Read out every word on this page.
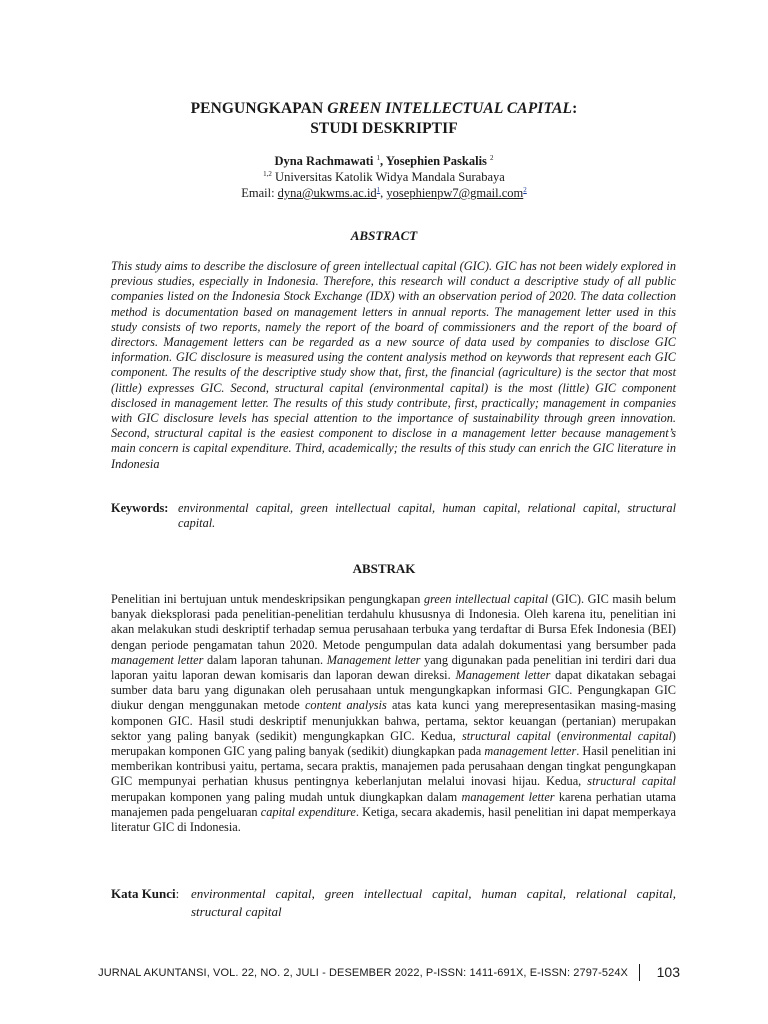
PENGUNGKAPAN GREEN INTELLECTUAL CAPITAL:
STUDI DESKRIPTIF
Dyna Rachmawati $^1$, Yosephien Paskalis $^2$
$^{1,2}$ Universitas Katolik Widya Mandala Surabaya
Email: $dyna@ukwms.ac.id^1$, yosephienpw7@gmail.com$^2$
ABSTRACT
This study aims to describe the disclosure of green intellectual capital (GIC). GIC has not been widely explored in previous studies, especially in Indonesia. Therefore, this research will conduct a descriptive study of all public companies listed on the Indonesia Stock Exchange (IDX) with an observation period of 2020. The data collection method is documentation based on management letters in annual reports. The management letter used in this study consists of two reports, namely the report of the board of commissioners and the report of the board of directors. Management letters can be regarded as a new source of data used by companies to disclose GIC information. GIC disclosure is measured using the content analysis method on keywords that represent each GIC component. The results of the descriptive study show that, first, the financial (agriculture) is the sector that most (little) expresses GIC. Second, structural capital (environmental capital) is the most (little) GIC component disclosed in management letter. The results of this study contribute, first, practically; management in companies with GIC disclosure levels has special attention to the importance of sustainability through green innovation. Second, structural capital is the easiest component to disclose in a management letter because management’s main concern is capital expenditure. Third, academically; the results of this study can enrich the GIC literature in Indonesia
Keywords: environmental capital, green intellectual capital, human capital, relational capital, structural capital.
ABSTRAK
Penelitian ini bertujuan untuk mendeskripsikan pengungkapan green intellectual capital (GIC). GIC masih belum banyak dieksplorasi pada penelitian-penelitian terdahulu khususnya di Indonesia. Oleh karena itu, penelitian ini akan melakukan studi deskriptif terhadap semua perusahaan terbuka yang terdaftar di Bursa Efek Indonesia (BEI) dengan periode pengamatan tahun 2020. Metode pengumpulan data adalah dokumentasi yang bersumber pada management letter dalam laporan tahunan. Management letter yang digunakan pada penelitian ini terdiri dari dua laporan yaitu laporan dewan komisaris dan laporan dewan direksi. Management letter dapat dikatakan sebagai sumber data baru yang digunakan oleh perusahaan untuk mengungkapkan informasi GIC. Pengungkapan GIC diukur dengan menggunakan metode content analysis atas kata kunci yang merepresentasikan masing-masing komponen GIC. Hasil studi deskriptif menunjukkan bahwa, pertama, sektor keuangan (pertanian) merupakan sektor yang paling banyak (sedikit) mengungkapkan GIC. Kedua, structural capital (environmental capital) merupakan komponen GIC yang paling banyak (sedikit) diungkapkan pada management letter. Hasil penelitian ini memberikan kontribusi yaitu, pertama, secara praktis, manajemen pada perusahaan dengan tingkat pengungkapan GIC mempunyai perhatian khusus pentingnya keberlanjutan melalui inovasi hijau. Kedua, structural capital merupakan komponen yang paling mudah untuk diungkapkan dalam management letter karena perhatian utama manajemen pada pengeluaran capital expenditure. Ketiga, secara akademis, hasil penelitian ini dapat memperkaya literatur GIC di Indonesia.
Kata Kunci: environmental capital, green intellectual capital, human capital, relational capital, structural capital
JURNAL AKUNTANSI, VOL. 22, NO. 2, JULI - DESEMBER 2022, P-ISSN: 1411-691X, E-ISSN: 2797-524X	103
